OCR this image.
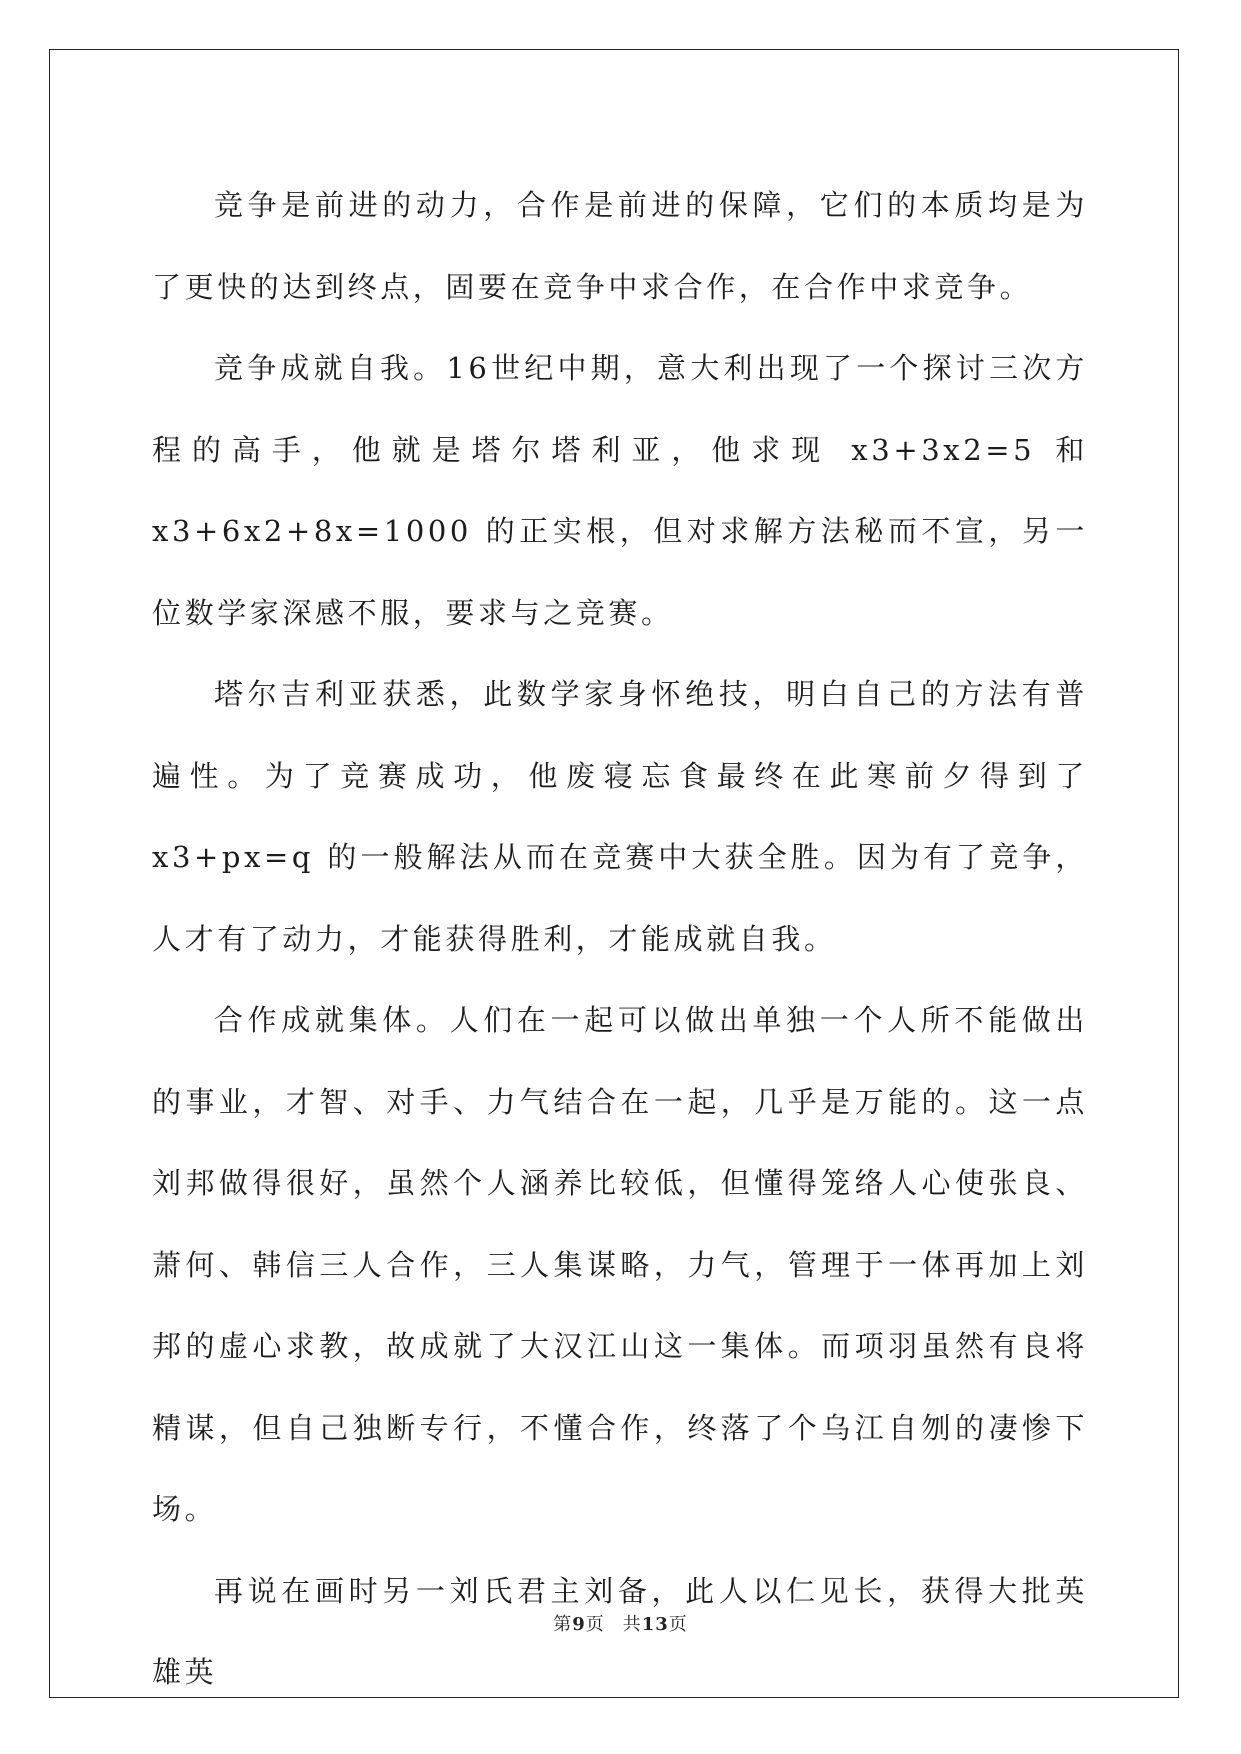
竞争是前进的动力，合作是前进的保障，它们的本质均是为了更快的达到终点，固要在竞争中求合作，在合作中求竞争。

竞争成就自我。16世纪中期，意大利出现了一个探讨三次方程的高手，他就是塔尔塔利亚，他求现 x3+3x2=5 和 x3+6x2+8x=1000 的正实根，但对求解方法秘而不宣，另一位数学家深感不服，要求与之竞赛。

塔尔吉利亚获悉，此数学家身怀绝技，明白自己的方法有普遍性。为了竞赛成功，他废寝忘食最终在此寒前夕得到了 x3+px=q 的一般解法从而在竞赛中大获全胜。因为有了竞争，人才有了动力，才能获得胜利，才能成就自我。

合作成就集体。人们在一起可以做出单独一个人所不能做出的事业，才智、对手、力气结合在一起，几乎是万能的。这一点刘邦做得很好，虽然个人涵养比较低，但懂得笼络人心使张良、萧何、韩信三人合作，三人集谋略，力气，管理于一体再加上刘邦的虚心求教，故成就了大汉江山这一集体。而项羽虽然有良将精谋，但自己独断专行，不懂合作，终落了个乌江自刎的凄惨下场。

再说在画时另一刘氏君主刘备，此人以仁见长，获得大批英雄英

第9页 共13页
